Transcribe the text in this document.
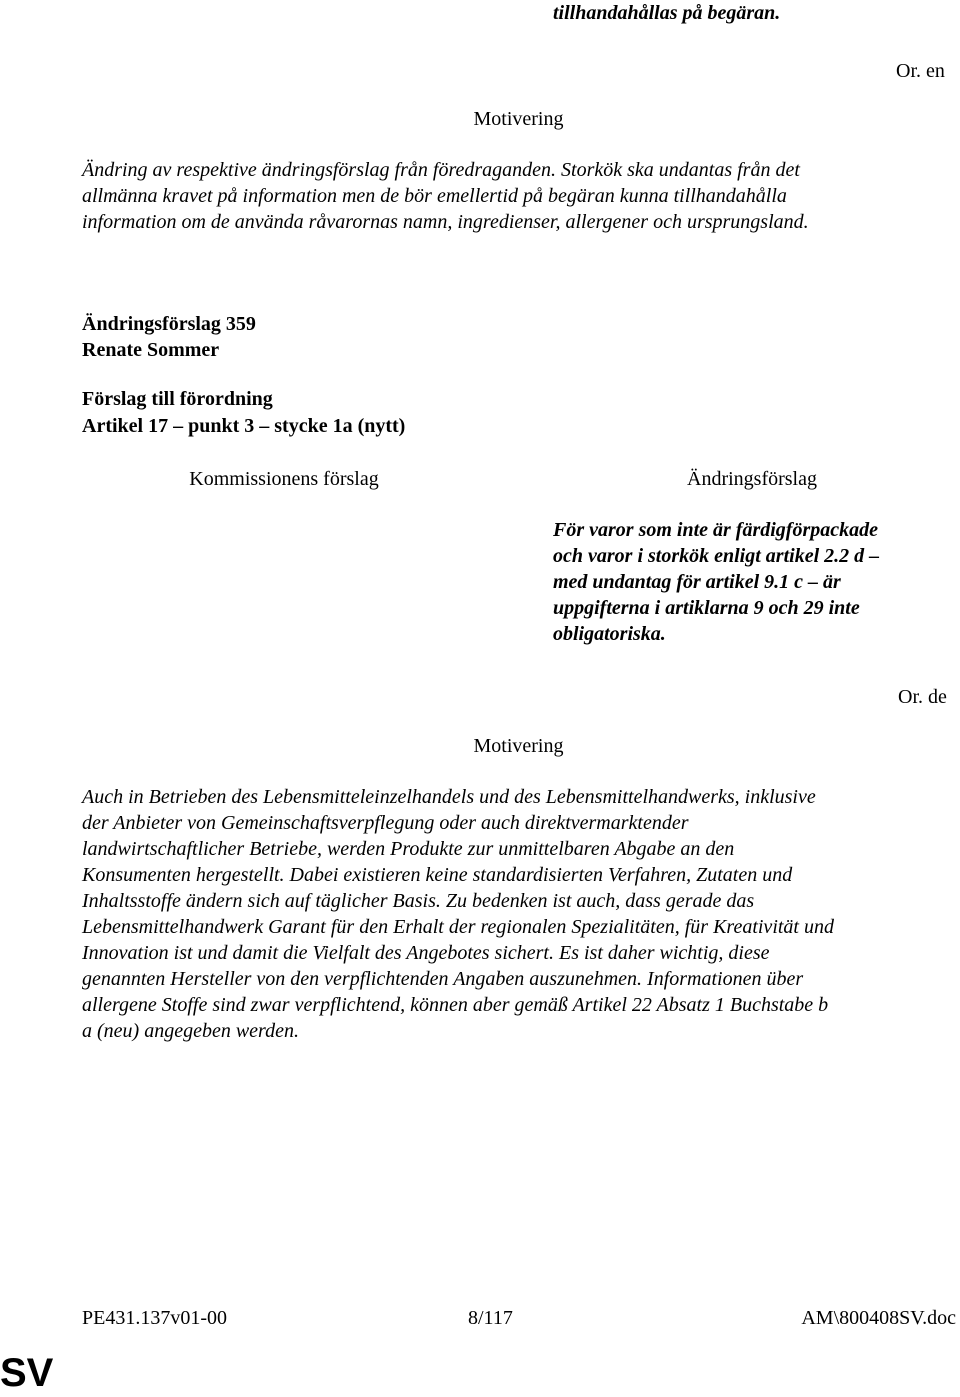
tillhandahållas på begäran.
Or. en
Motivering

Ändring av respektive ändringsförslag från föredraganden. Storkök ska undantas från det

allmänna kravet på information men de bör emellertid på begäran kunna tillhandahålla

information om de använda råvarornas namn, ingredienser, allergener och ursprungsland.

Ändringsförslag 359
Renate Sommer
Förslag till förordning
Artikel 17 – punkt 3 – stycke 1a (nytt)
Kommissionens förslag	Ändringsförslag

För varor som inte är färdigförpackade

och varor i storkök enligt artikel 2.2 d –

med undantag för artikel 9.1 c – är

uppgifterna i artiklarna 9 och 29 inte

obligatoriska.

Or. de
Motivering

Auch in Betrieben des Lebensmitteleinzelhandels und des Lebensmittelhandwerks, inklusive

der Anbieter von Gemeinschaftsverpflegung oder auch direktvermarktender

landwirtschaftlicher Betriebe, werden Produkte zur unmittelbaren Abgabe an den

Konsumenten hergestellt. Dabei existieren keine standardisierten Verfahren, Zutaten und

Inhaltsstoffe ändern sich auf täglicher Basis. Zu bedenken ist auch, dass gerade das

Lebensmittelhandwerk Garant für den Erhalt der regionalen Spezialitäten, für Kreativität und

Innovation ist und damit die Vielfalt des Angebotes sichert. Es ist daher wichtig, diese

genannten Hersteller von den verpflichtenden Angaben auszunehmen. Informationen über

allergene Stoffe sind zwar verpflichtend, können aber gemäß Artikel 22 Absatz 1 Buchstabe b

a (neu) angegeben werden.

PE431.137v01-00	8/117	AM\800408SV.doc
SV
